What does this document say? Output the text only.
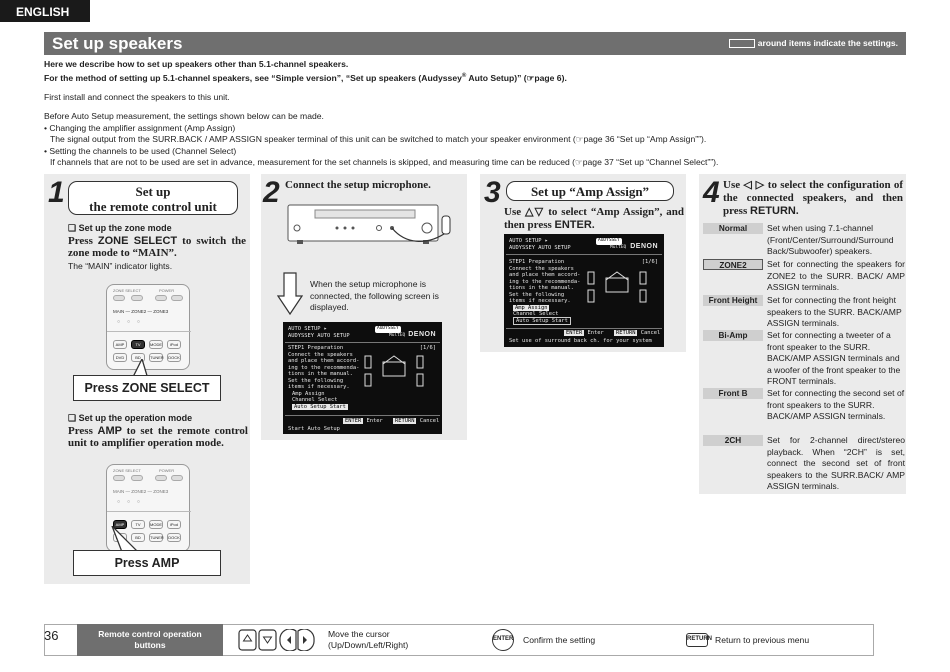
ENGLISH
Set up speakers	around items indicate the settings.

Here we describe how to set up speakers other than 5.1-channel speakers.

For the method of setting up 5.1-channel speakers, see “Simple version”, “Set up speakers (Audyssey® Auto Setup)” (☞page 6).

First install and connect the speakers to this unit.

Before Auto Setup measurement, the settings shown below can be made.

• Changing the amplifier assignment (Amp Assign)

The signal output from the SURR.BACK / AMP ASSIGN speaker terminal of this unit can be switched to match your speaker environment (☞page 36 “Set up “Amp Assign””).

• Setting the channels to be used (Channel Select)

If channels that are not to be used are set in advance, measurement for the set channels is skipped, and measuring time can be reduced (☞page 37 “Set up “Channel Select””).

1	Set up
the remote control unit
❑ Set up the zone mode
Press ZONE SELECT to switch the zone mode to “MAIN”.
The “MAIN” indicator lights.
ZONE SELECT	POWER
MAIN — ZONE2 — ZONE3
○     ○     ○
AMP	TV	MODE	iPod
DVD	BD	TUNER	DOCK
Press ZONE SELECT
❑ Set up the operation mode
Press AMP to set the remote control unit to amplifier operation mode.
ZONE SELECT	POWER
MAIN — ZONE2 — ZONE3
○     ○     ○
AMP	TV	MODE	iPod
BD	TUNER	DOCK
Press AMP
2 Connect the setup microphone.
When the setup microphone is connected, the following screen is displayed.
AUTO SETUP ▸
AUDYSSEY AUTO SETUP
AUDYSSEY
MultEQ DENON
STEP1 Preparation
Connect the speakers
and place them accord-
ing to the recommenda-
tions in the manual.
Set the following
items if necessary.
Amp Assign
Channel Select
Auto Setup Start
[1/6]
ENTER Enter	RETURN Cancel
Start Auto Setup
3	Set up “Amp Assign”
Use △▽ to select “Amp Assign”, and then press ENTER.
AUTO SETUP ▸
AUDYSSEY AUTO SETUP
AUDYSSEY
MultEQ DENON
STEP1 Preparation
Connect the speakers
and place them accord-
ing to the recommenda-
tions in the manual.
Set the following
items if necessary.
Amp Assign
Channel Select
Auto Setup Start
[1/6]
ENTER Enter	RETURN Cancel
Set use of surround back ch. for your system
4 Use ◁ ▷ to select the configuration of the connected speakers, and then press RETURN.
Normal	Set when using 7.1-channel (Front/Center/Surround/Surround Back/Subwoofer) speakers.
ZONE2	Set for connecting the speakers for ZONE2 to the SURR. BACK/ AMP ASSIGN terminals.
Front Height	Set for connecting the front height speakers to the SURR. BACK/AMP ASSIGN terminals.
Bi-Amp	Set for connecting a tweeter of a front speaker to the SURR. BACK/AMP ASSIGN terminals and a woofer of the front speaker to the FRONT terminals.
Front B	Set for connecting the second set of front speakers to the SURR. BACK/AMP ASSIGN terminals.
2CH	Set for 2-channel direct/stereo playback. When “2CH” is set, connect the second set of front speakers to the SURR.BACK/ AMP ASSIGN terminals.
36	Remote control operation
buttons
Move the cursor
(Up/Down/Left/Right)
ENTER Confirm the setting	RETURN Return to previous menu
